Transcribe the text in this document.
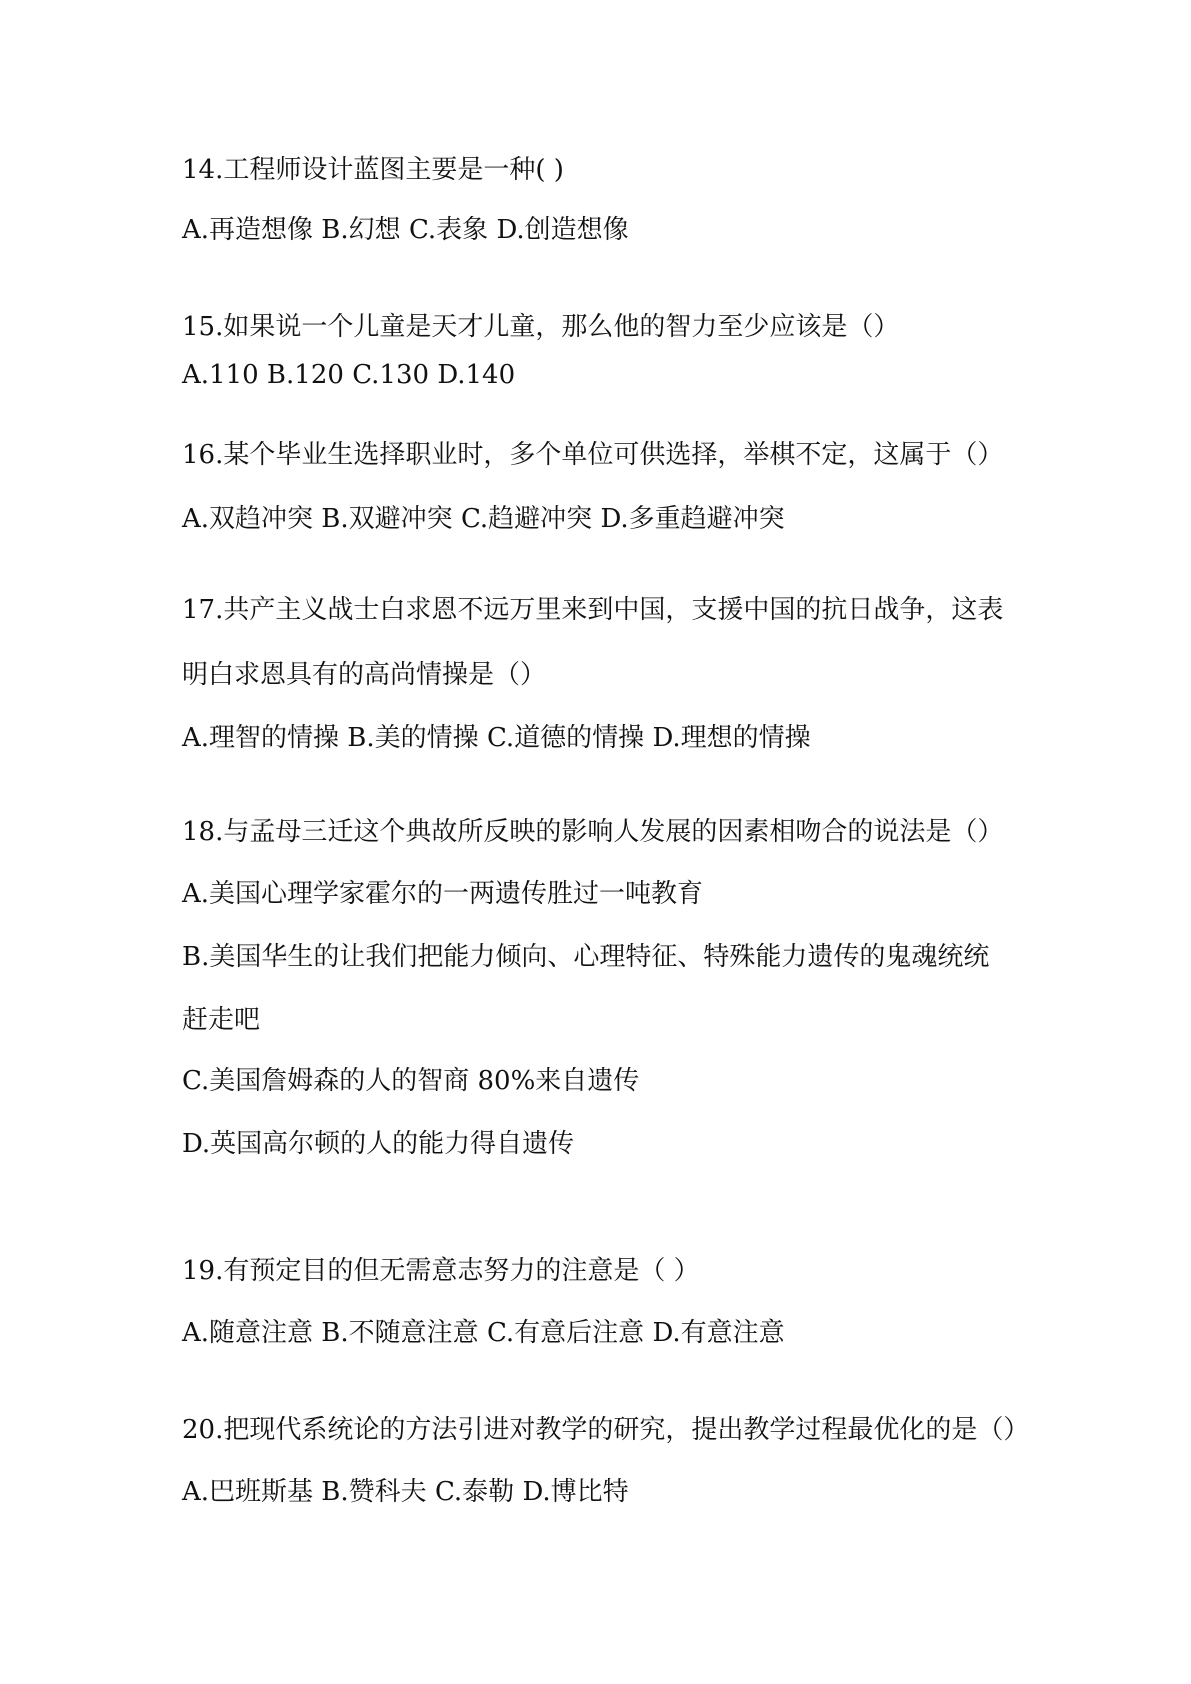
14.工程师设计蓝图主要是一种( )
A.再造想像 B.幻想 C.表象 D.创造想像
15.如果说一个儿童是天才儿童，那么他的智力至少应该是（）
A.110 B.120 C.130 D.140
16.某个毕业生选择职业时，多个单位可供选择，举棋不定，这属于（）
A.双趋冲突 B.双避冲突 C.趋避冲突 D.多重趋避冲突
17.共产主义战士白求恩不远万里来到中国，支援中国的抗日战争，这表
明白求恩具有的高尚情操是（）
A.理智的情操 B.美的情操 C.道德的情操 D.理想的情操
18.与孟母三迁这个典故所反映的影响人发展的因素相吻合的说法是（）
A.美国心理学家霍尔的一两遗传胜过一吨教育
B.美国华生的让我们把能力倾向、心理特征、特殊能力遗传的鬼魂统统
赶走吧
C.美国詹姆森的人的智商 80%来自遗传
D.英国高尔顿的人的能力得自遗传
19.有预定目的但无需意志努力的注意是（ ）
A.随意注意 B.不随意注意 C.有意后注意 D.有意注意
20.把现代系统论的方法引进对教学的研究，提出教学过程最优化的是（）
A.巴班斯基 B.赞科夫 C.泰勒 D.博比特
